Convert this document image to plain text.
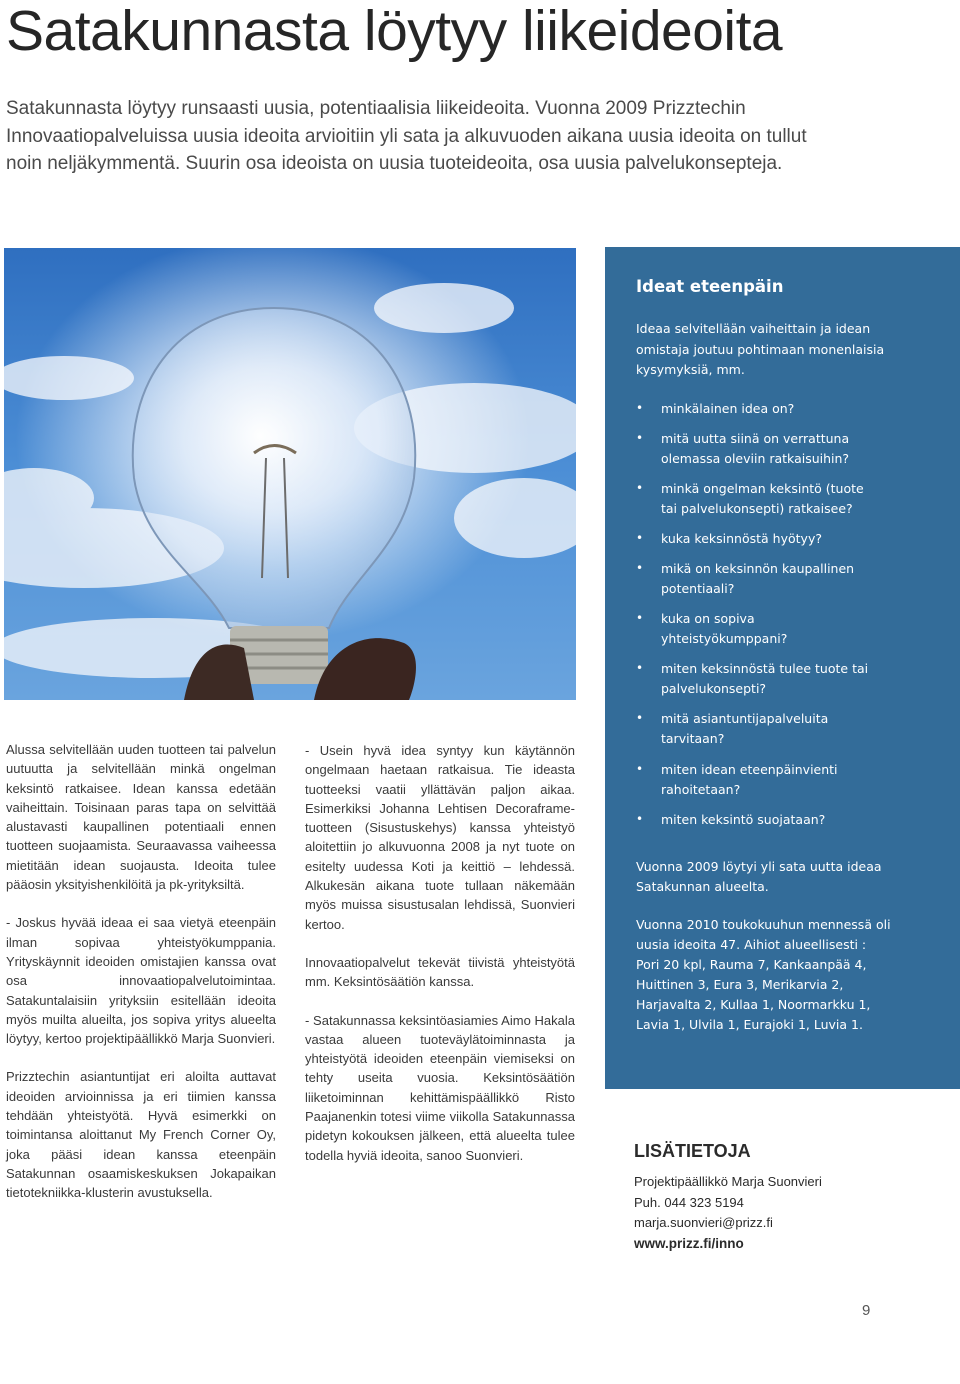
Satakunnasta löytyy liikeideoita

Satakunnasta löytyy runsaasti uusia, potentiaalisia liikeideoita. Vuonna 2009 Prizztechin Innovaatiopalveluissa uusia ideoita arvioitiin yli sata ja alkuvuoden aikana uusia ideoita on tullut noin neljäkymmentä. Suurin osa ideoista on uusia tuoteideoita, osa uusia palvelukonsepteja.

Ideat eteenpäin

Ideaa selvitellään vaiheittain ja idean omistaja joutuu pohtimaan monenlaisia kysymyksiä, mm.

• minkälainen idea on?
• mitä uutta siinä on verrattuna olemassa oleviin ratkaisuihin?
• minkä ongelman keksintö (tuote tai palvelukonsepti) ratkaisee?
• kuka keksinnöstä hyötyy?
• mikä on keksinnön kaupallinen potentiaali?
• kuka on sopiva yhteistyökumppani?
• miten keksinnöstä tulee tuote tai palvelukonsepti?
• mitä asiantuntijapalveluita tarvitaan?
• miten idean eteenpäinvienti rahoitetaan?
• miten keksintö suojataan?

Vuonna 2009 löytyi yli sata uutta ideaa Satakunnan alueelta.

Vuonna 2010 toukokuuhun mennessä oli uusia ideoita 47. Aihiot alueellisesti : Pori 20 kpl, Rauma 7, Kankaanpää 4, Huittinen 3, Eura 3, Merikarvia 2, Harjavalta 2, Kullaa 1, Noormarkku 1, Lavia 1, Ulvila 1, Eurajoki 1, Luvia 1.

Alussa selvitellään uuden tuotteen tai palvelun uutuutta ja selvitellään minkä ongelman keksintö ratkaisee. Idean kanssa edetään vaiheittain. Toisinaan paras tapa on selvittää alustavasti kaupallinen potentiaali ennen tuotteen suojaamista. Seuraavassa vaiheessa mietitään idean suojausta. Ideoita tulee pääosin yksityishenkilöitä ja pk-yrityksiltä.

- Joskus hyvää ideaa ei saa vietyä eteenpäin ilman sopivaa yhteistyökumppania. Yrityskäynnit ideoiden omistajien kanssa ovat osa innovaatiopalvelutoimintaa. Satakuntalaisiin yrityksiin esitellään ideoita myös muilta alueilta, jos sopiva yritys alueelta löytyy, kertoo projektipäällikkö Marja Suonvieri.

Prizztechin asiantuntijat eri aloilta auttavat ideoiden arvioinnissa ja eri tiimien kanssa tehdään yhteistyötä. Hyvä esimerkki on toimintansa aloittanut My French Corner Oy, joka pääsi idean kanssa eteenpäin Satakunnan osaamiskeskuksen Jokapaikan tietotekniikka-klusterin avustuksella.

- Usein hyvä idea syntyy kun käytännön ongelmaan haetaan ratkaisua. Tie ideasta tuotteeksi vaatii yllättävän paljon aikaa. Esimerkiksi Johanna Lehtisen Decoraframe-tuotteen (Sisustuskehys) kanssa yhteistyö aloitettiin jo alkuvuonna 2008 ja nyt tuote on esitelty uudessa Koti ja keittiö – lehdessä. Alkukesän aikana tuote tullaan näkemään myös muissa sisustusalan lehdissä, Suonvieri kertoo.

Innovaatiopalvelut tekevät tiivistä yhteistyötä mm. Keksintösäätiön kanssa.

- Satakunnassa keksintöasiamies Aimo Hakala vastaa alueen tuoteväylätoiminnasta ja yhteistyötä ideoiden eteenpäin viemiseksi on tehty useita vuosia. Keksintösäätiön liiketoiminnan kehittämispäällikkö Risto Paajanenkin totesi viime viikolla Satakunnassa pidetyn kokouksen jälkeen, että alueelta tulee todella hyviä ideoita, sanoo Suonvieri.	LISÄTIETOJA
Projektipäällikkö Marja Suonvieri
Puh. 044 323 5194
marja.suonvieri@prizz.fi
www.prizz.fi/inno
9
